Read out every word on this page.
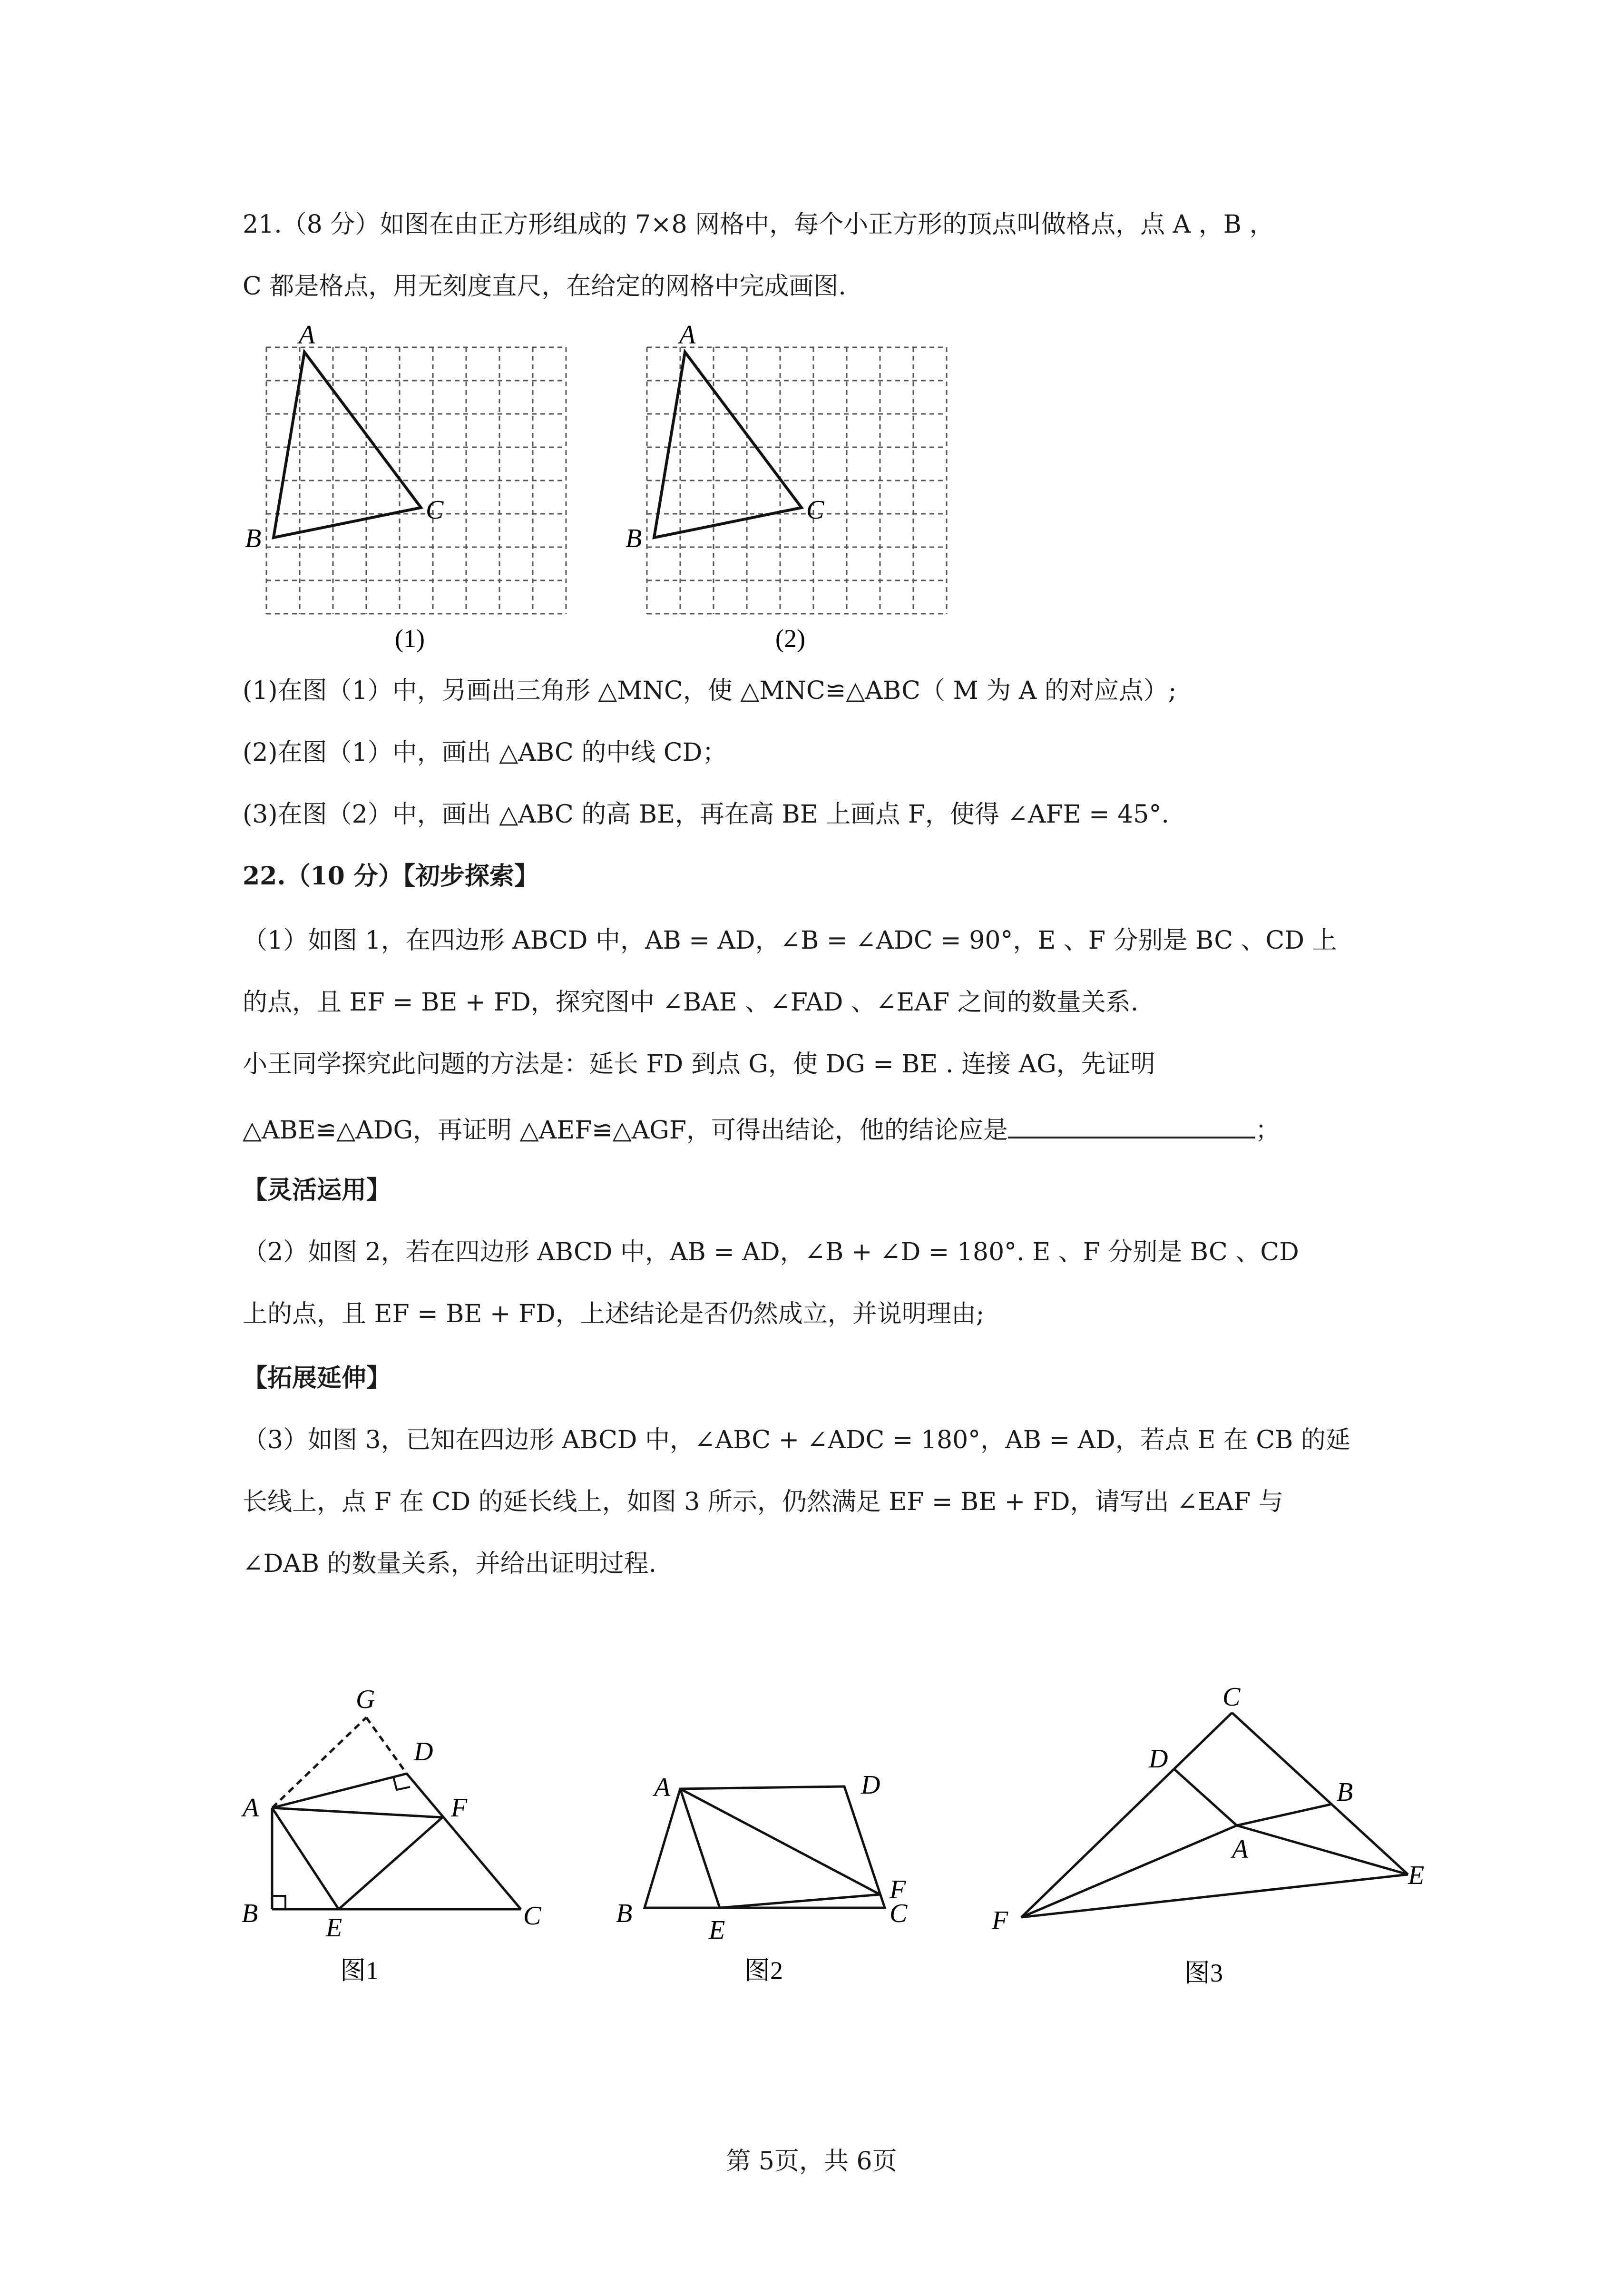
21.（8 分）如图在由正方形组成的 7×8 网格中，每个小正方形的顶点叫做格点，点 A ，B ，
C 都是格点，用无刻度直尺，在给定的网格中完成画图.
A
B
C
(1)
A
B
C
(2)
(1)在图（1）中，另画出三角形 △MNC，使 △MNC≌△ABC（ M 为 A 的对应点）;
(2)在图（1）中，画出 △ABC 的中线 CD；
(3)在图（2）中，画出 △ABC 的高 BE，再在高 BE 上画点 F，使得 ∠AFE = 45°.
22.（10 分）【初步探索】
（1）如图 1，在四边形 ABCD 中，AB = AD，∠B = ∠ADC = 90°，E 、F 分别是 BC 、CD 上
的点，且 EF = BE + FD，探究图中 ∠BAE 、∠FAD 、∠EAF 之间的数量关系.
小王同学探究此问题的方法是：延长 FD 到点 G，使 DG = BE . 连接 AG，先证明
△ABE≌△ADG，再证明 △AEF≌△AGF，可得出结论，他的结论应是	；
【灵活运用】
（2）如图 2，若在四边形 ABCD 中，AB = AD，∠B + ∠D = 180°. E 、F 分别是 BC 、CD
上的点，且 EF = BE + FD，上述结论是否仍然成立，并说明理由;
【拓展延伸】
（3）如图 3，已知在四边形 ABCD 中，∠ABC + ∠ADC = 180°，AB = AD，若点 E 在 CB 的延
长线上，点 F 在 CD 的延长线上，如图 3 所示，仍然满足 EF = BE + FD，请写出 ∠EAF 与
∠DAB 的数量关系，并给出证明过程.
G
D
A	F
B	E	C
图1
A	D
F
B
E
C
图2
C
D
B
A
E
F
图3
第 5页，共 6页
